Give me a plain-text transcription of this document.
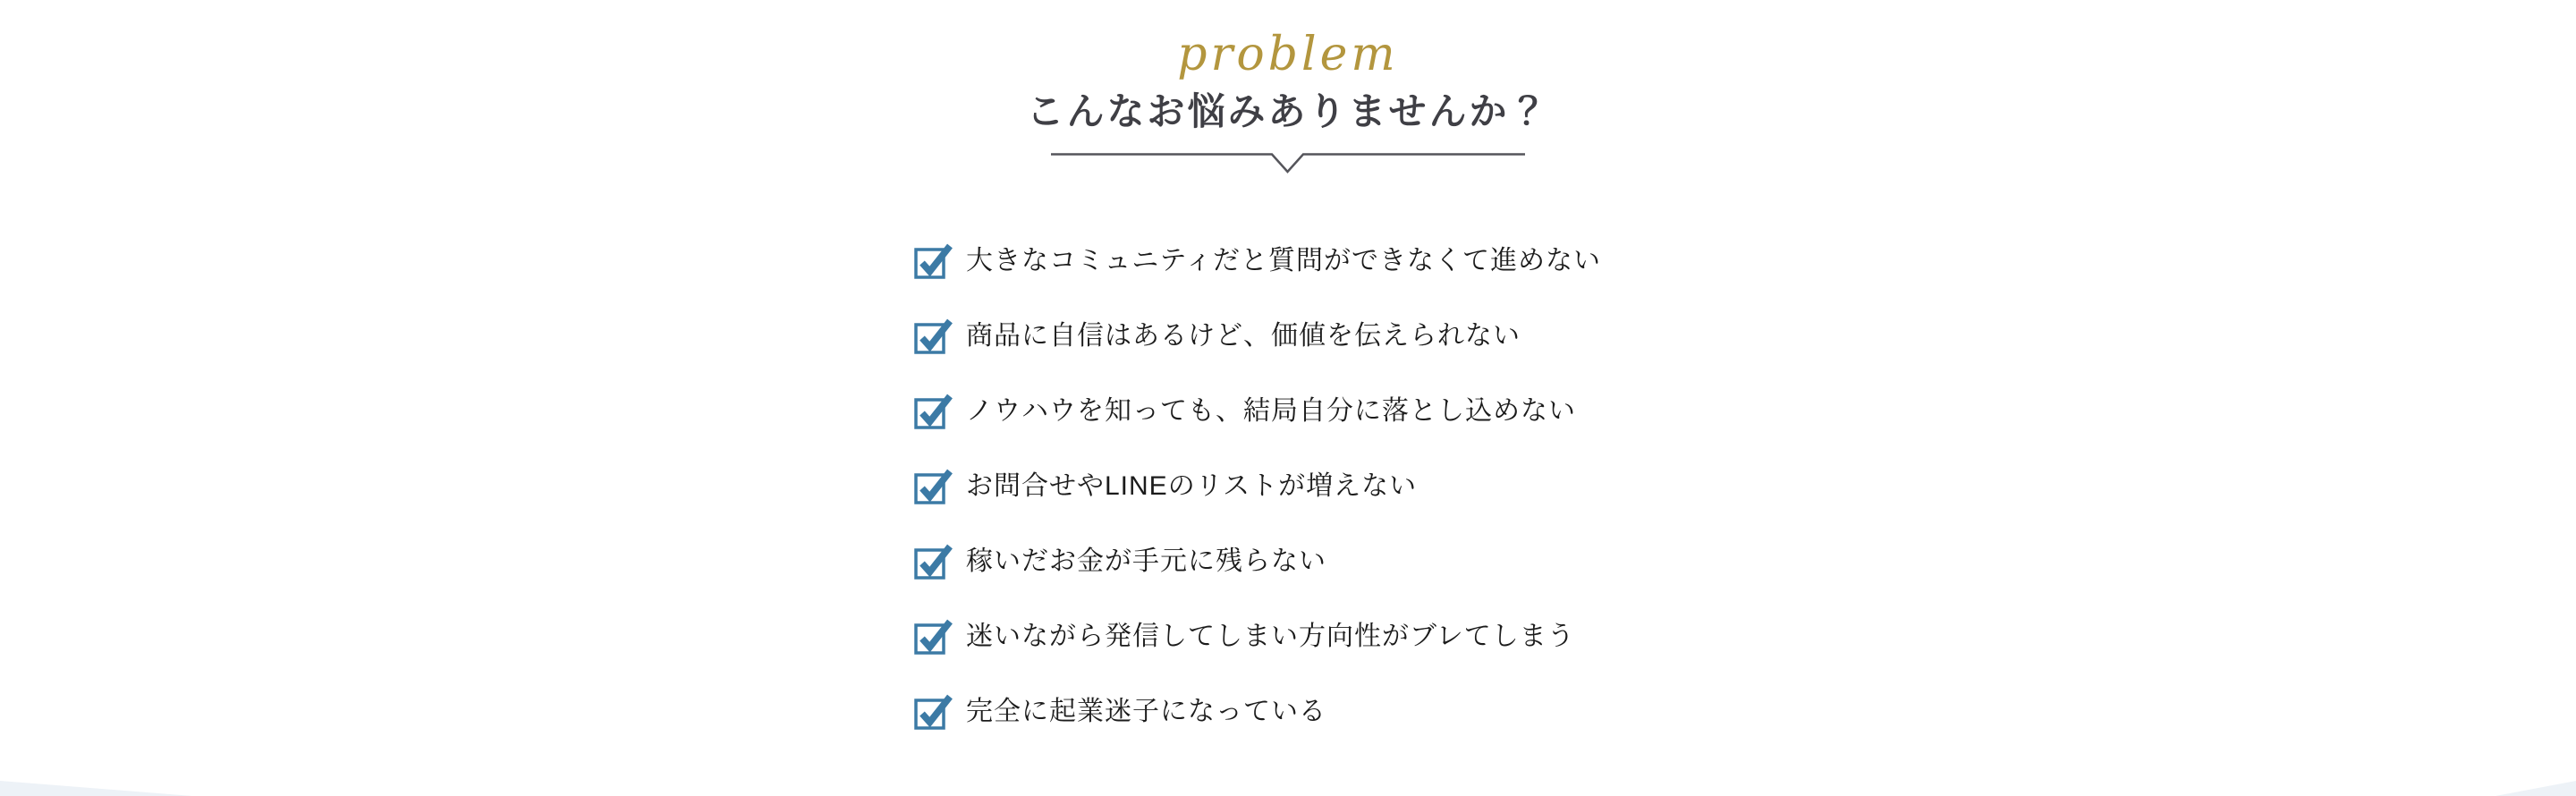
problem
こんなお悩みありませんか？
大きなコミュニティだと質問ができなくて進めない
商品に自信はあるけど、価値を伝えられない
ノウハウを知っても、結局自分に落とし込めない
お問合せやLINEのリストが増えない
稼いだお金が手元に残らない
迷いながら発信してしまい方向性がブレてしまう
完全に起業迷子になっている
